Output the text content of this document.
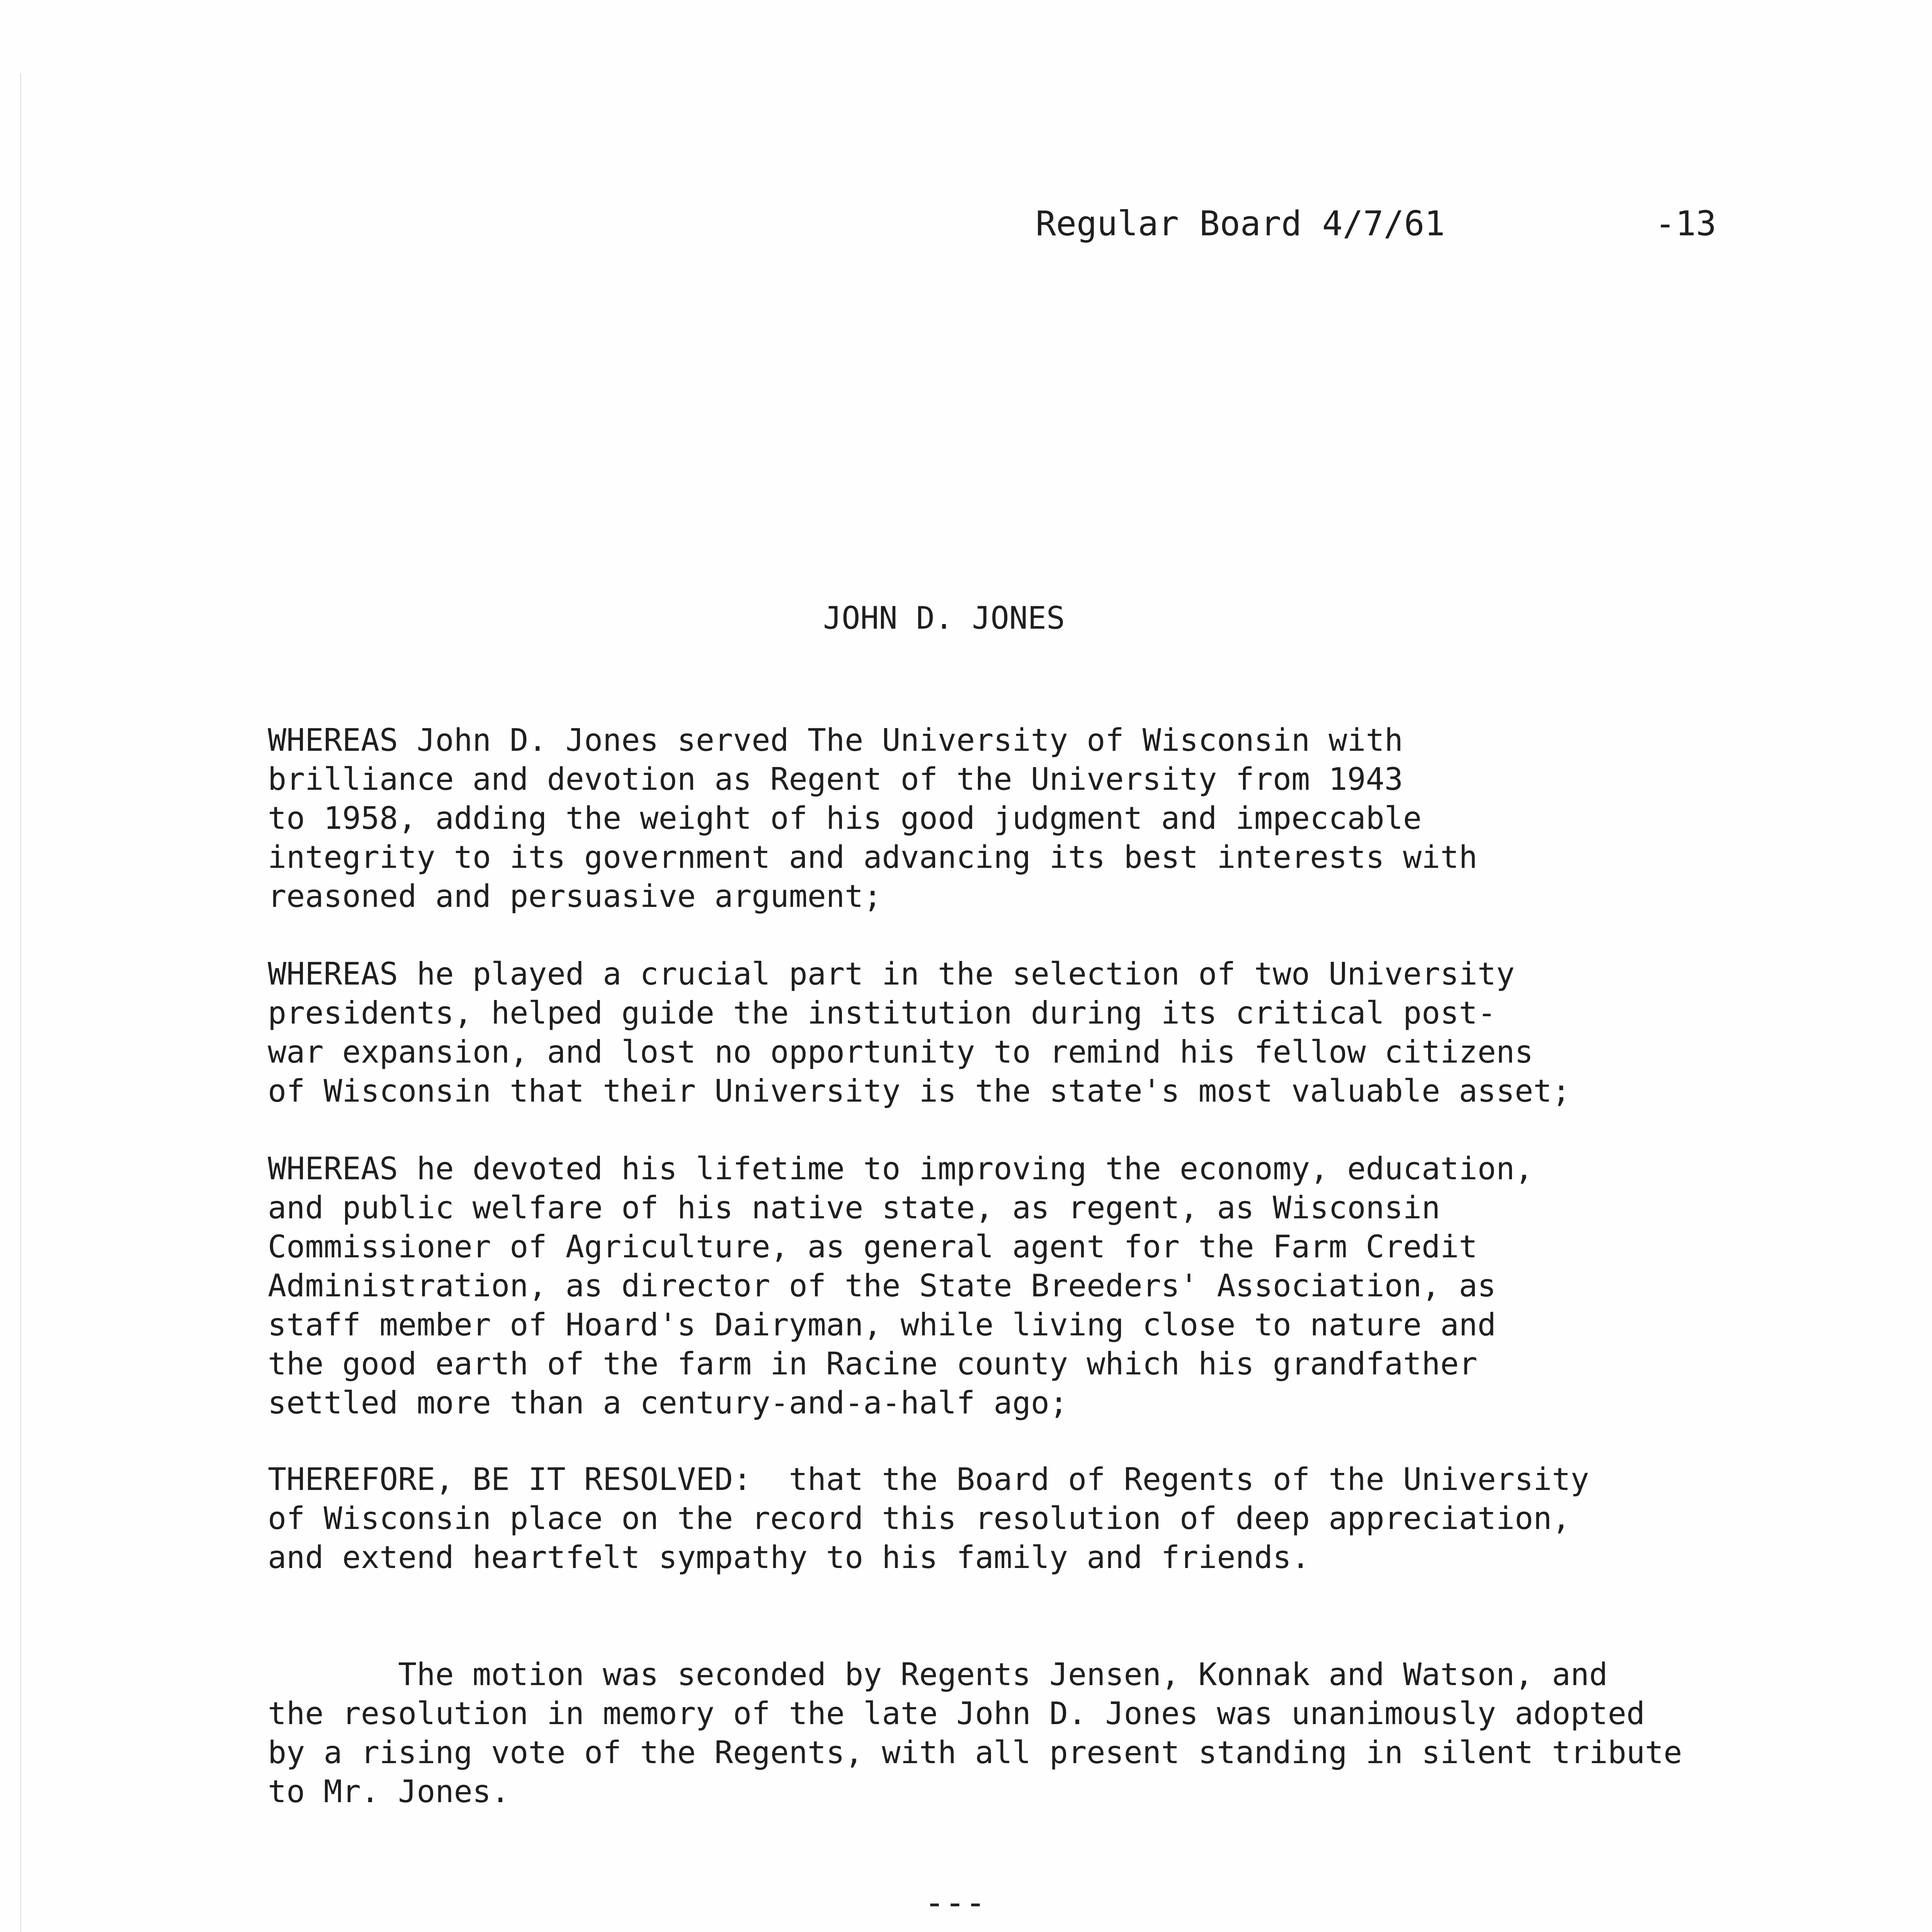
Regular Board 4/7/61	-13
JOHN D. JONES
WHEREAS John D. Jones served The University of Wisconsin with
brilliance and devotion as Regent of the University from 1943
to 1958, adding the weight of his good judgment and impeccable
integrity to its government and advancing its best interests with
reasoned and persuasive argument;
WHEREAS he played a crucial part in the selection of two University
presidents, helped guide the institution during its critical post-
war expansion, and lost no opportunity to remind his fellow citizens
of Wisconsin that their University is the state's most valuable asset;
WHEREAS he devoted his lifetime to improving the economy, education,
and public welfare of his native state, as regent, as Wisconsin
Commissioner of Agriculture, as general agent for the Farm Credit
Administration, as director of the State Breeders' Association, as
staff member of Hoard's Dairyman, while living close to nature and
the good earth of the farm in Racine county which his grandfather
settled more than a century-and-a-half ago;
THEREFORE, BE IT RESOLVED:  that the Board of Regents of the University
of Wisconsin place on the record this resolution of deep appreciation,
and extend heartfelt sympathy to his family and friends.
The motion was seconded by Regents Jensen, Konnak and Watson, and
the resolution in memory of the late John D. Jones was unanimously adopted
by a rising vote of the Regents, with all present standing in silent tribute
to Mr. Jones.
---
